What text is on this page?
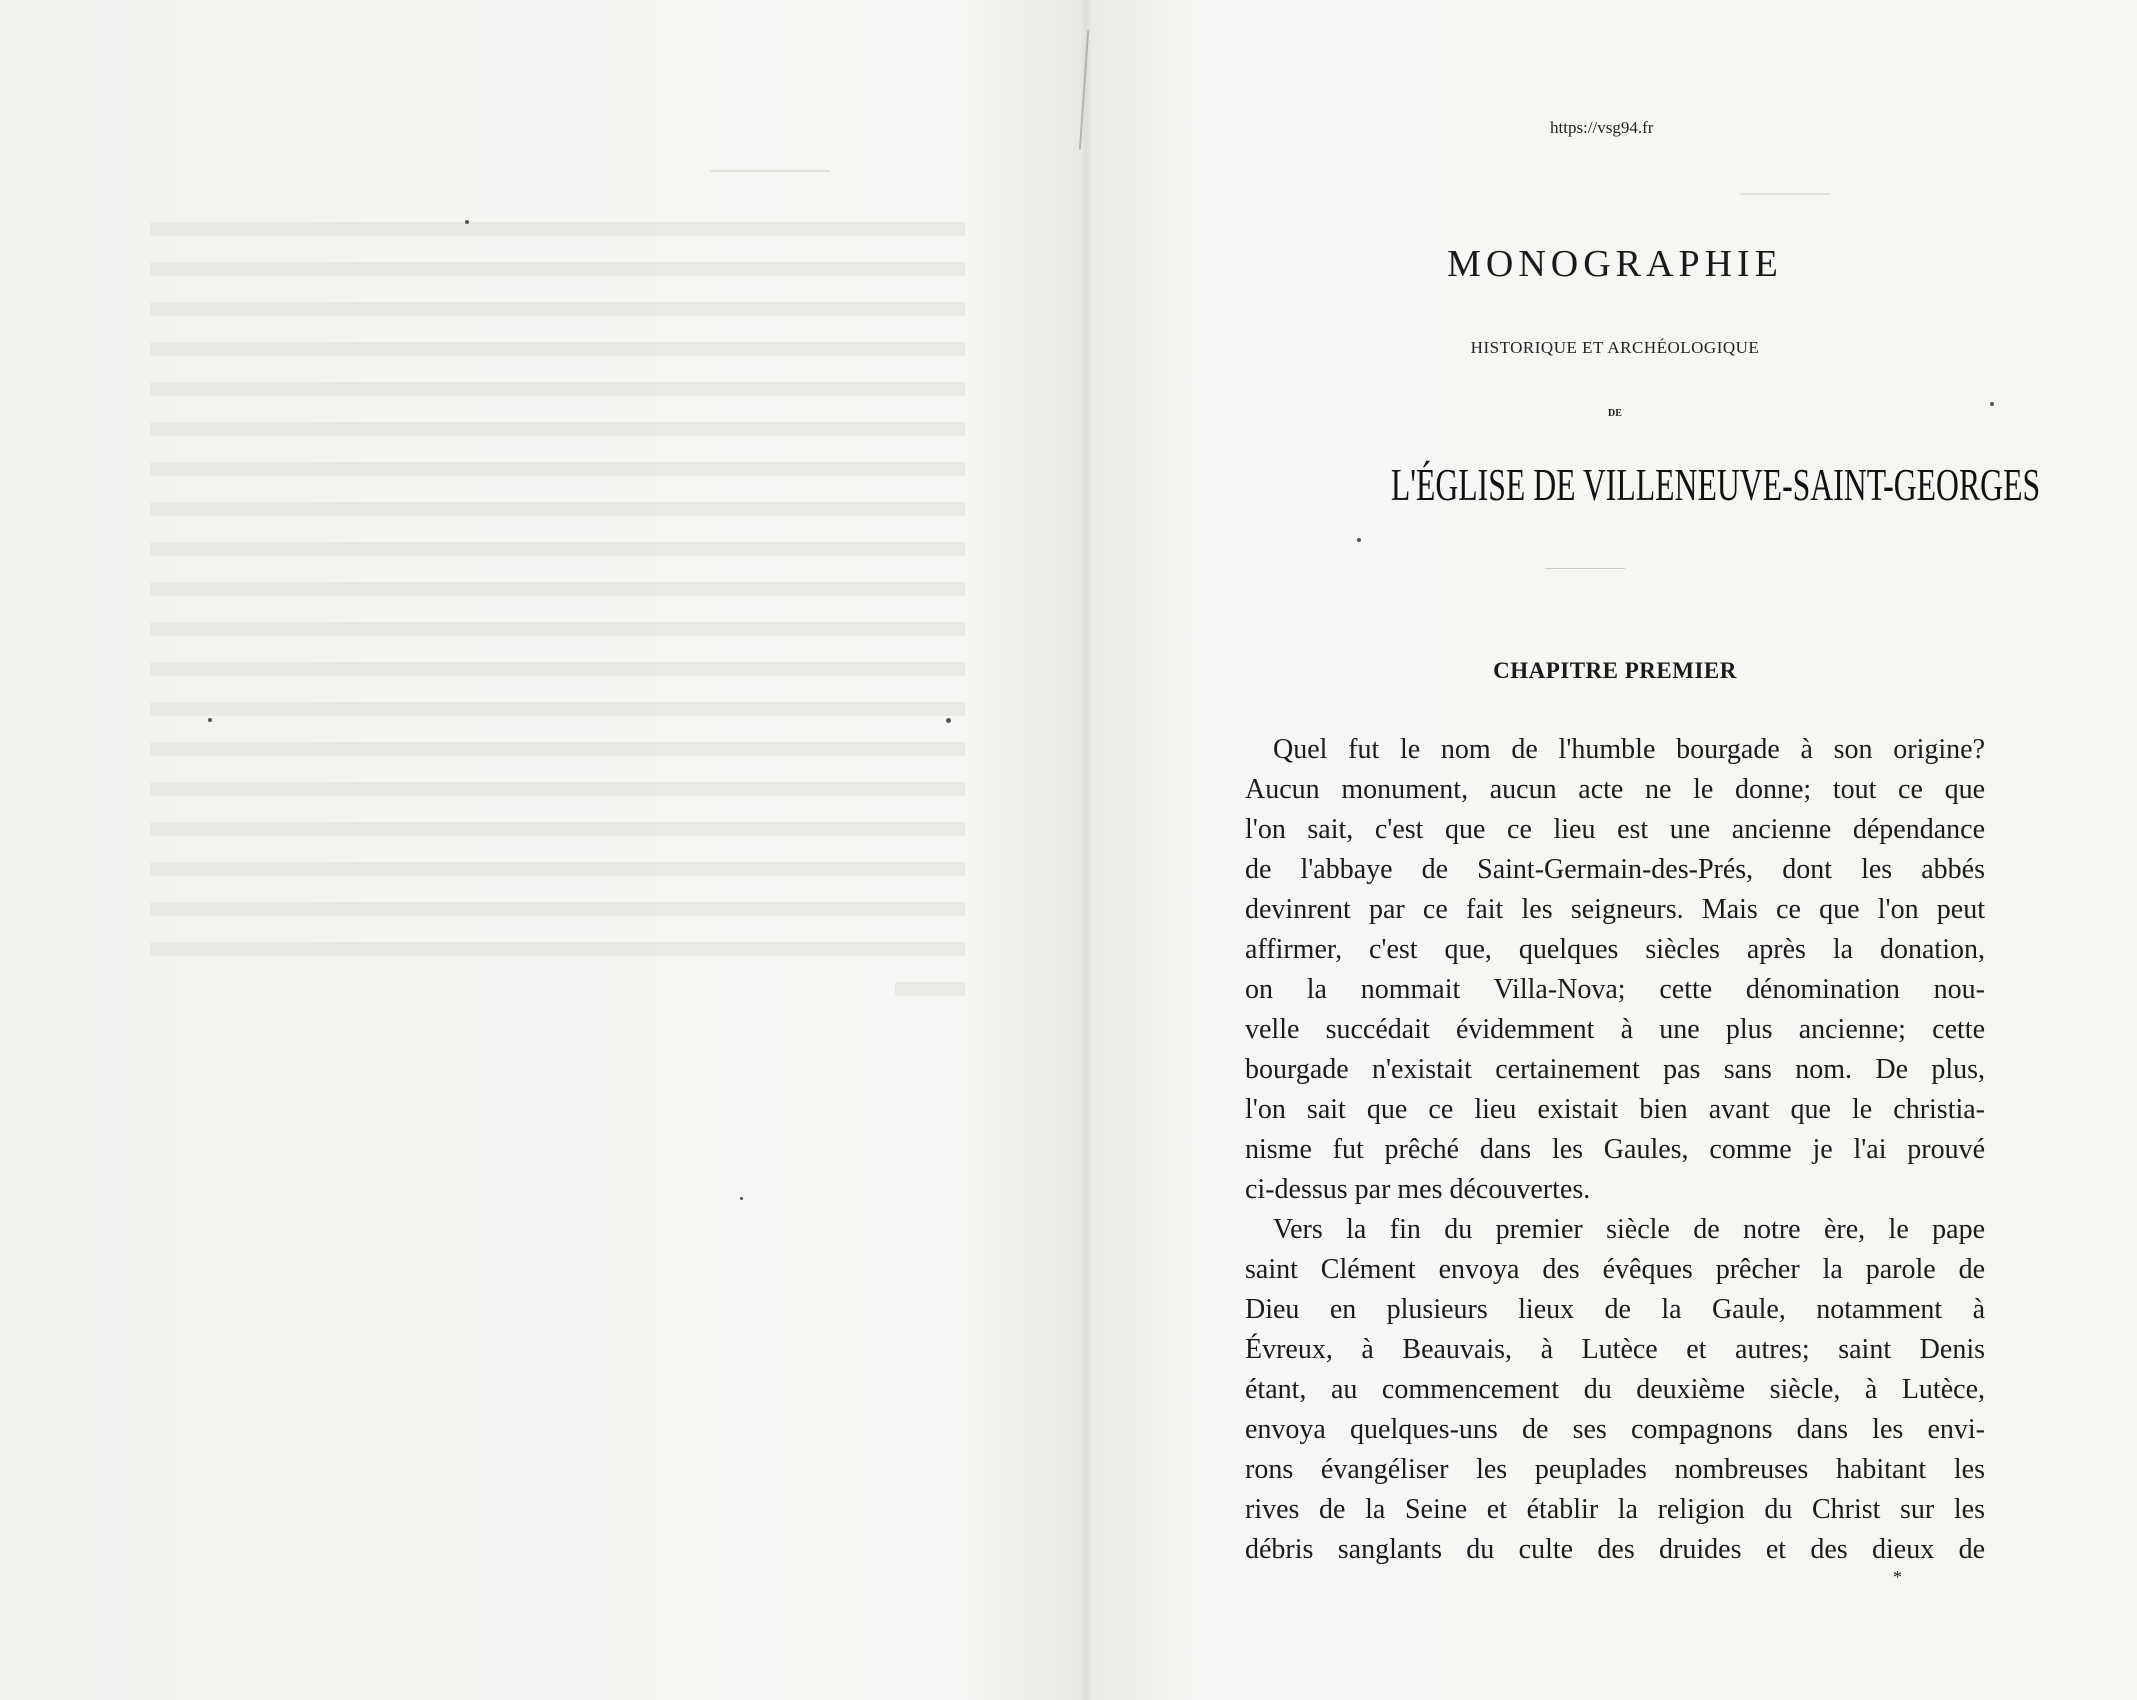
https://vsg94.fr
MONOGRAPHIE
HISTORIQUE ET ARCHÉOLOGIQUE
DE
L'ÉGLISE DE VILLENEUVE-SAINT-GEORGES
CHAPITRE PREMIER
Quel fut le nom de l'humble bourgade à son origine?
Aucun monument, aucun acte ne le donne; tout ce que
l'on sait, c'est que ce lieu est une ancienne dépendance
de l'abbaye de Saint-Germain-des-Prés, dont les abbés
devinrent par ce fait les seigneurs. Mais ce que l'on peut
affirmer, c'est que, quelques siècles après la donation,
on la nommait Villa-Nova; cette dénomination nou-
velle succédait évidemment à une plus ancienne; cette
bourgade n'existait certainement pas sans nom. De plus,
l'on sait que ce lieu existait bien avant que le christia-
nisme fut prêché dans les Gaules, comme je l'ai prouvé
ci-dessus par mes découvertes.
Vers la fin du premier siècle de notre ère, le pape
saint Clément envoya des évêques prêcher la parole de
Dieu en plusieurs lieux de la Gaule, notamment à
Évreux, à Beauvais, à Lutèce et autres; saint Denis
étant, au commencement du deuxième siècle, à Lutèce,
envoya quelques-uns de ses compagnons dans les envi-
rons évangéliser les peuplades nombreuses habitant les
rives de la Seine et établir la religion du Christ sur les
débris sanglants du culte des druides et des dieux de
*
